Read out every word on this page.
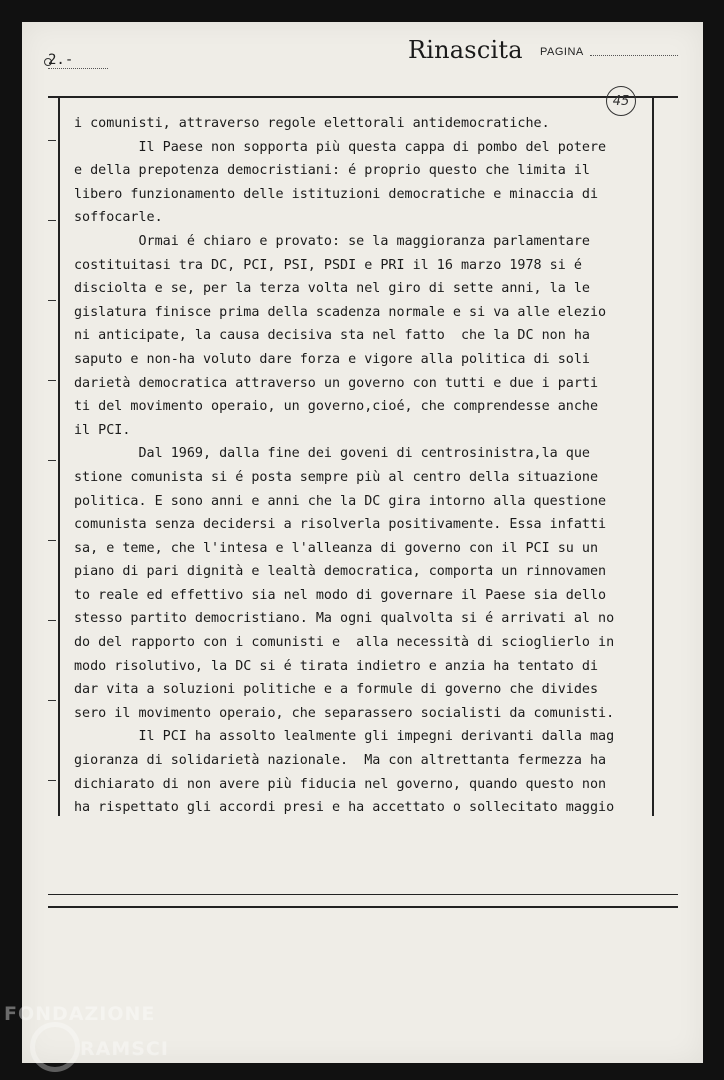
2.-	Rinascita PAGINA
45
i comunisti, attraverso regole elettorali antidemocratiche.
Il Paese non sopporta più questa cappa di pombo del potere
e della prepotenza democristiani: é proprio questo che limita il
libero funzionamento delle istituzioni democratiche e minaccia di
soffocarle.
Ormai é chiaro e provato: se la maggioranza parlamentare
costituitasi tra DC, PCI, PSI, PSDI e PRI il 16 marzo 1978 si é
disciolta e se, per la terza volta nel giro di sette anni, la le
gislatura finisce prima della scadenza normale e si va alle elezio
ni anticipate, la causa decisiva sta nel fatto  che la DC non ha
saputo e non-ha voluto dare forza e vigore alla politica di soli
darietà democratica attraverso un governo con tutti e due i parti
ti del movimento operaio, un governo,cioé, che comprendesse anche
il PCI.
Dal 1969, dalla fine dei goveni di centrosinistra,la que
stione comunista si é posta sempre più al centro della situazione
politica. E sono anni e anni che la DC gira intorno alla questione
comunista senza decidersi a risolverla positivamente. Essa infatti
sa, e teme, che l'intesa e l'alleanza di governo con il PCI su un
piano di pari dignità e lealtà democratica, comporta un rinnovamen
to reale ed effettivo sia nel modo di governare il Paese sia dello
stesso partito democristiano. Ma ogni qualvolta si é arrivati al no
do del rapporto con i comunisti e  alla necessità di scioglierlo in
modo risolutivo, la DC si é tirata indietro e anzia ha tentato di
dar vita a soluzioni politiche e a formule di governo che divides
sero il movimento operaio, che separassero socialisti da comunisti.
Il PCI ha assolto lealmente gli impegni derivanti dalla mag
gioranza di solidarietà nazionale.  Ma con altrettanta fermezza ha
dichiarato di non avere più fiducia nel governo, quando questo non
ha rispettato gli accordi presi e ha accettato o sollecitato maggio
FONDAZIONE
RAMSCI
